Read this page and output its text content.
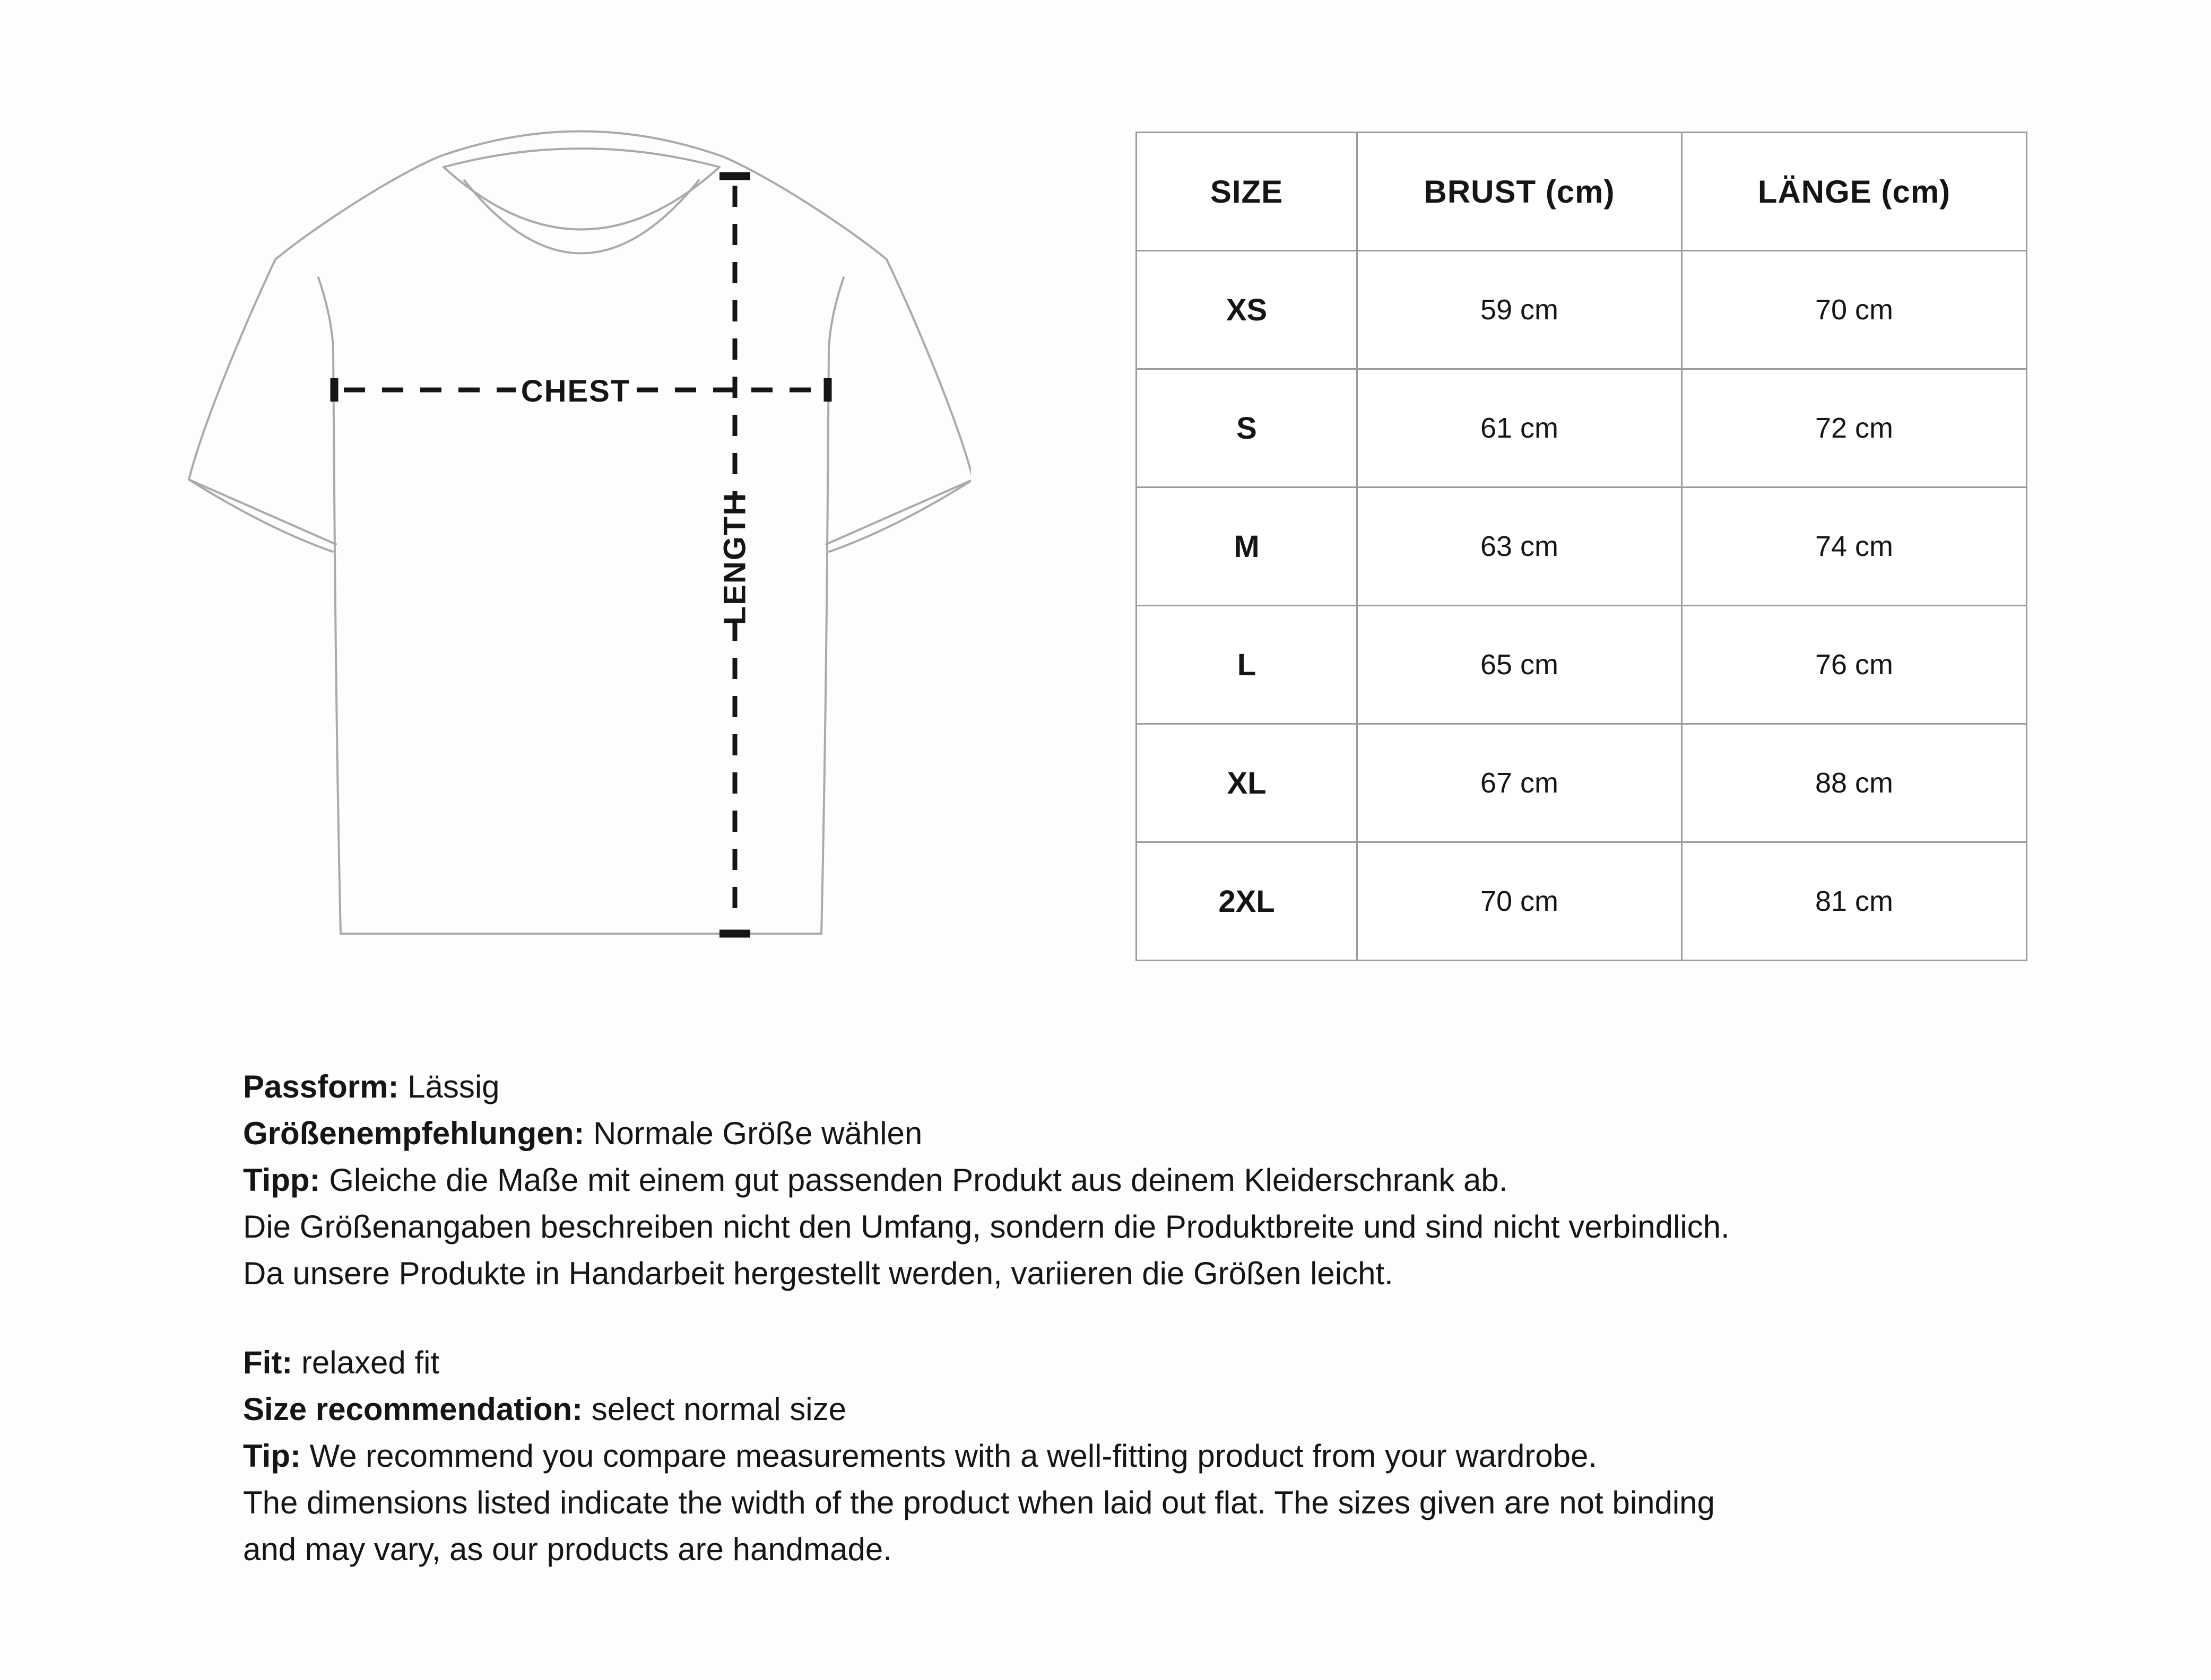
CHEST
LENGTH
SIZE	BRUST (cm)	LÄNGE (cm)
XS	59 cm	70 cm
S	61 cm	72 cm
M	63 cm	74 cm
L	65 cm	76 cm
XL	67 cm	88 cm
2XL	70 cm	81 cm
Passform: Lässig
Größenempfehlungen: Normale Größe wählen
Tipp: Gleiche die Maße mit einem gut passenden Produkt aus deinem Kleiderschrank ab.
Die Größenangaben beschreiben nicht den Umfang, sondern die Produktbreite und sind nicht verbindlich.
Da unsere Produkte in Handarbeit hergestellt werden, variieren die Größen leicht.
Fit: relaxed fit
Size recommendation: select normal size
Tip: We recommend you compare measurements with a well-fitting product from your wardrobe.
The dimensions listed indicate the width of the product when laid out flat. The sizes given are not binding
and may vary, as our products are handmade.
